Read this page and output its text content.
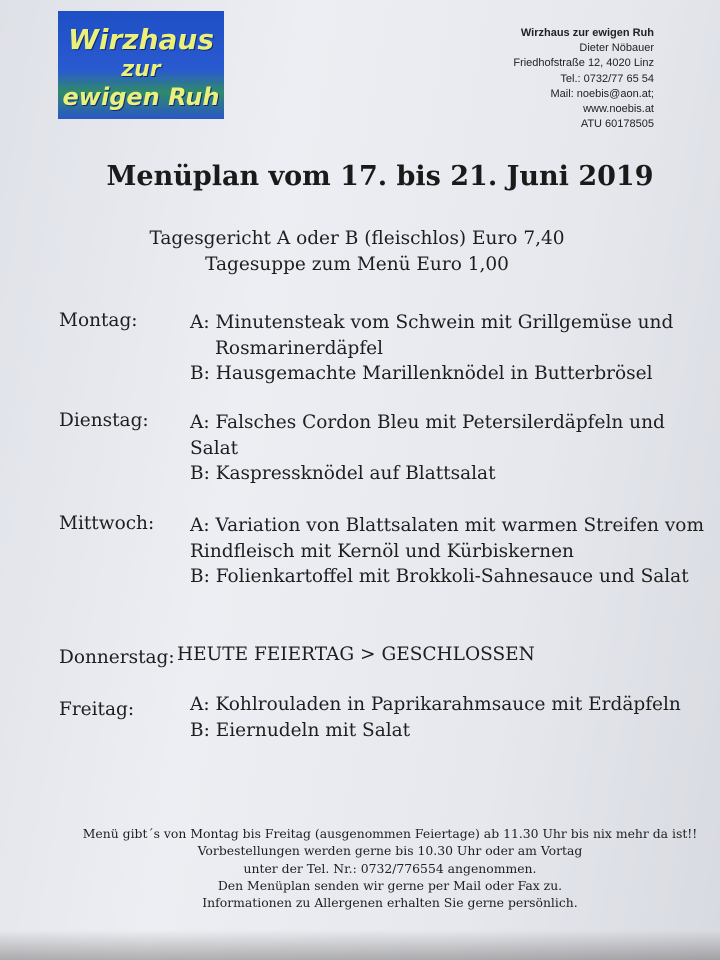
Wirzhaus
zur
ewigen Ruh
Wirzhaus zur ewigen Ruh
Dieter Nöbauer
Friedhofstraße 12, 4020 Linz
Tel.: 0732/77 65 54
Mail: noebis@aon.at;
www.noebis.at
ATU 60178505
Menüplan vom 17. bis 21. Juni 2019
Tagesgericht A oder B (fleischlos) Euro 7,40
Tagesuppe zum Menü Euro 1,00
Montag:	A: Minutensteak vom Schwein mit Grillgemüse und
Rosmarinerdäpfel
B: Hausgemachte Marillenknödel in Butterbrösel
Dienstag: A: Falsches Cordon Bleu mit Petersilerdäpfeln und
Salat
B: Kaspressknödel auf Blattsalat
Mittwoch: A: Variation von Blattsalaten mit warmen Streifen vom
Rindfleisch mit Kernöl und Kürbiskernen
B: Folienkartoffel mit Brokkoli-Sahnesauce und Salat
Donnerstag: HEUTE FEIERTAG > GESCHLOSSEN
Freitag:	A: Kohlrouladen in Paprikarahmsauce mit Erdäpfeln
B: Eiernudeln mit Salat
Menü gibt´s von Montag bis Freitag (ausgenommen Feiertage) ab 11.30 Uhr bis nix mehr da ist!!
Vorbestellungen werden gerne bis 10.30 Uhr oder am Vortag
unter der Tel. Nr.: 0732/776554 angenommen.
Den Menüplan senden wir gerne per Mail oder Fax zu.
Informationen zu Allergenen erhalten Sie gerne persönlich.
